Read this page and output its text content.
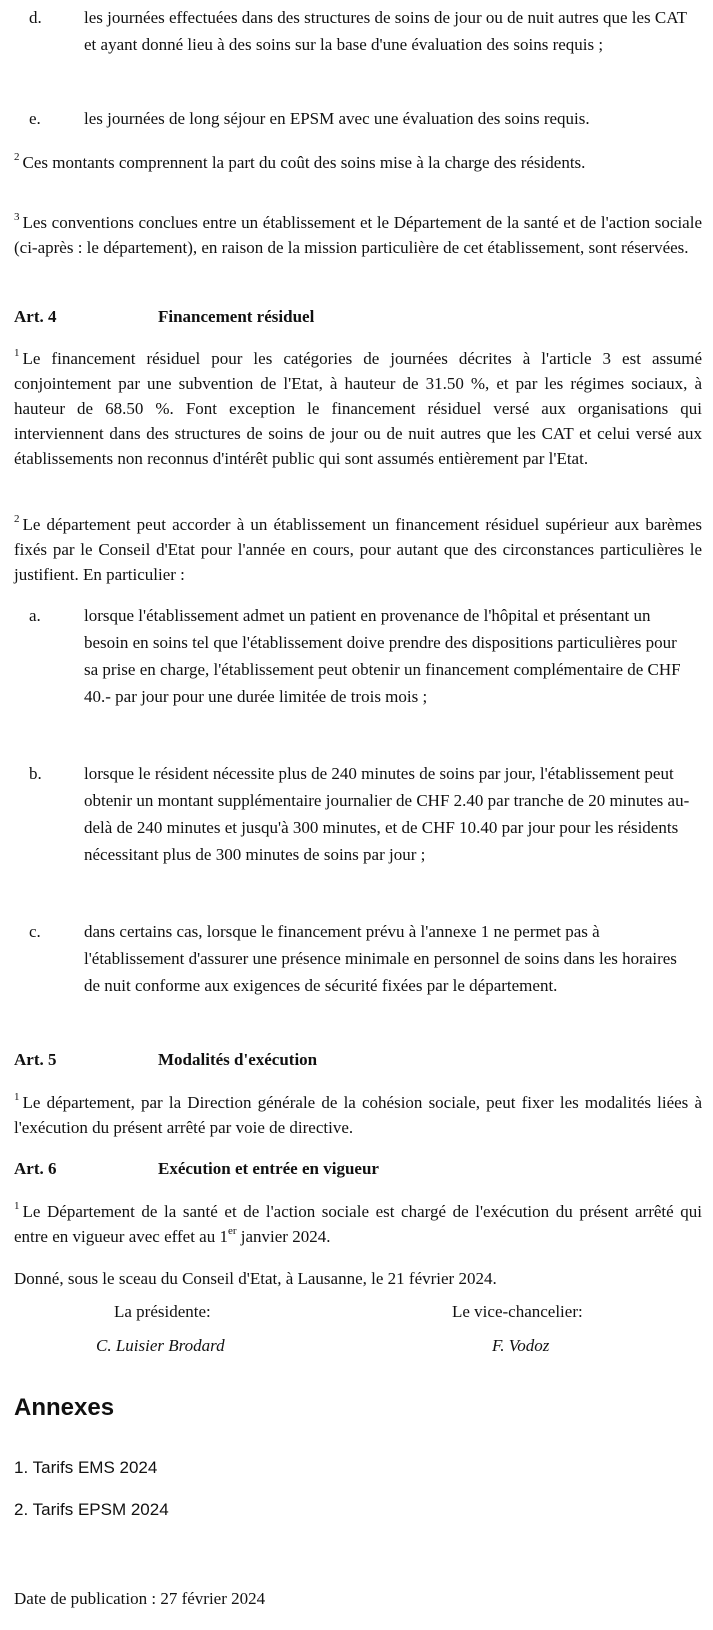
d. les journées effectuées dans des structures de soins de jour ou de nuit autres que les CAT et ayant donné lieu à des soins sur la base d'une évaluation des soins requis ;
e.	les journées de long séjour en EPSM avec une évaluation des soins requis.
$^2$ Ces montants comprennent la part du coût des soins mise à la charge des résidents.
$^3$ Les conventions conclues entre un établissement et le Département de la santé et de l'action sociale (ci-après : le département), en raison de la mission particulière de cet établissement, sont réservées.
Art. 4	Financement résiduel
$^1$ Le financement résiduel pour les catégories de journées décrites à l'article 3 est assumé conjointement par une subvention de l'Etat, à hauteur de 31.50 %, et par les régimes sociaux, à hauteur de 68.50 %. Font exception le financement résiduel versé aux organisations qui interviennent dans des structures de soins de jour ou de nuit autres que les CAT et celui versé aux établissements non reconnus d'intérêt public qui sont assumés entièrement par l'Etat.
$^2$ Le département peut accorder à un établissement un financement résiduel supérieur aux barèmes fixés par le Conseil d'Etat pour l'année en cours, pour autant que des circonstances particulières le justifient. En particulier :
a.	lorsque l'établissement admet un patient en provenance de l'hôpital et présentant un besoin en soins tel que l'établissement doive prendre des dispositions particulières pour sa prise en charge, l'établissement peut obtenir un financement complémentaire de CHF 40.- par jour pour une durée limitée de trois mois ;
b. lorsque le résident nécessite plus de 240 minutes de soins par jour, l'établissement peut obtenir un montant supplémentaire journalier de CHF 2.40 par tranche de 20 minutes au-delà de 240 minutes et jusqu'à 300 minutes, et de CHF 10.40 par jour pour les résidents nécessitant plus de 300 minutes de soins par jour ;
c.	dans certains cas, lorsque le financement prévu à l'annexe 1 ne permet pas à l'établissement d'assurer une présence minimale en personnel de soins dans les horaires de nuit conforme aux exigences de sécurité fixées par le département.
Art. 5	Modalités d'exécution
$^1$ Le département, par la Direction générale de la cohésion sociale, peut fixer les modalités liées à l'exécution du présent arrêté par voie de directive.
Art. 6	Exécution et entrée en vigueur
$^1$ Le Département de la santé et de l'action sociale est chargé de l'exécution du présent arrêté qui entre en vigueur avec effet au 1er janvier 2024.
Donné, sous le sceau du Conseil d'Etat, à Lausanne, le 21 février 2024.
La présidente:	Le vice-chancelier:
C. Luisier Brodard	F. Vodoz
Annexes
1. Tarifs EMS 2024
2. Tarifs EPSM 2024
Date de publication : 27 février 2024
